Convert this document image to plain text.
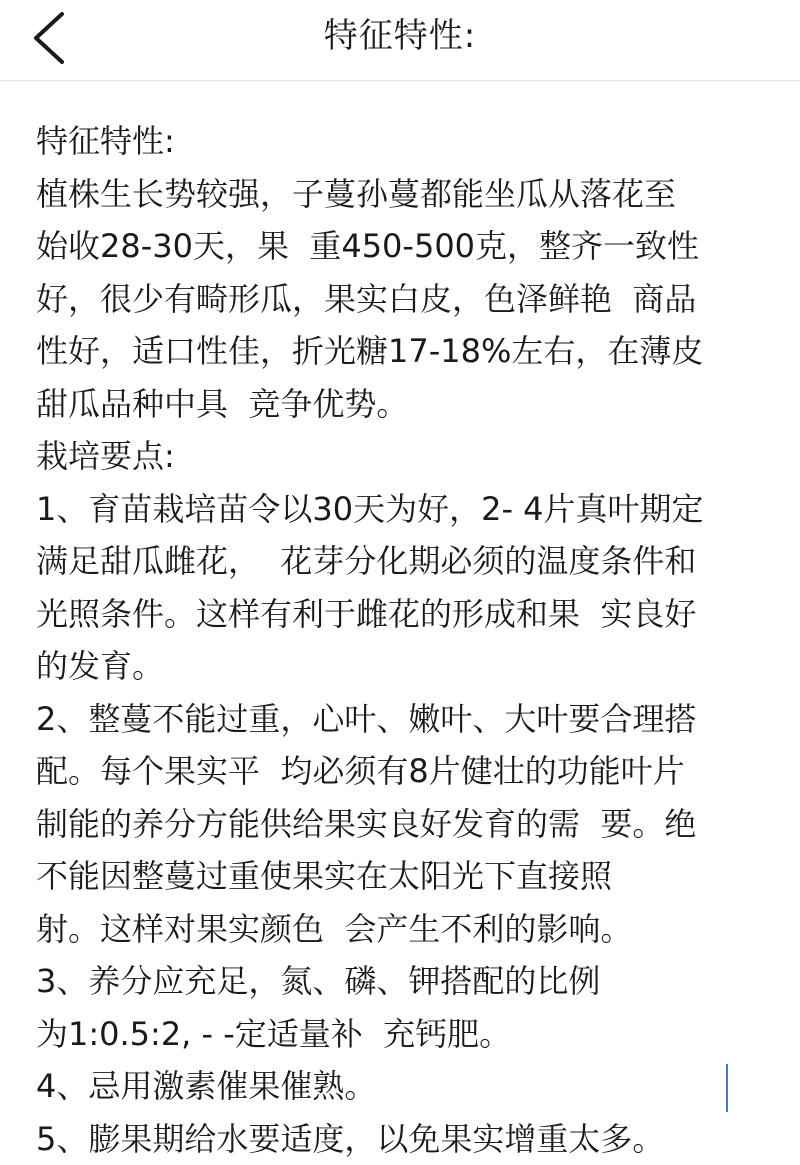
特征特性:
特征特性:
植株生长势较强，子蔓孙蔓都能坐瓜从落花至
始收28-30天，果  重450-500克，整齐一致性
好，很少有畸形瓜，果实白皮，色泽鲜艳  商品
性好，适口性佳，折光糖17-18%左右，在薄皮
甜瓜品种中具  竞争优势。
栽培要点:
1、育苗栽培苗令以30天为好，2- 4片真叶期定
满足甜瓜雌花，  花芽分化期必须的温度条件和
光照条件。这样有利于雌花的形成和果  实良好
的发育。
2、整蔓不能过重，心叶、嫩叶、大叶要合理搭
配。每个果实平  均必须有8片健壮的功能叶片
制能的养分方能供给果实良好发育的需  要。绝
不能因整蔓过重使果实在太阳光下直接照
射。这样对果实颜色  会产生不利的影响。
3、养分应充足，氮、磷、钾搭配的比例
为1:0.5:2, - -定适量补  充钙肥。
4、忌用激素催果催熟。
5、膨果期给水要适度，以免果实增重太多。
